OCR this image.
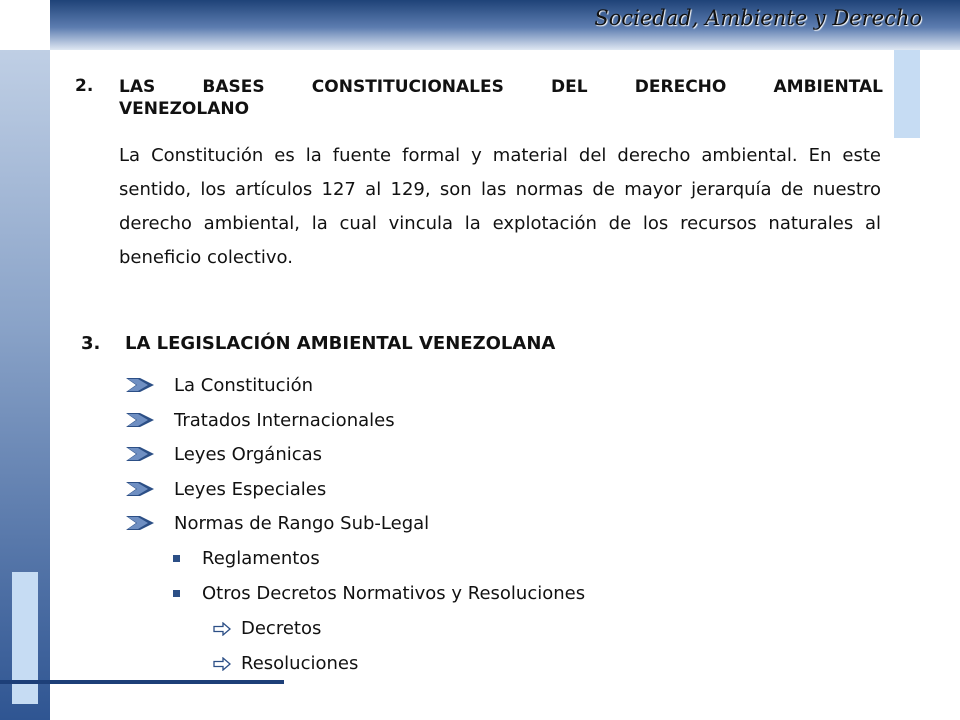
Sociedad, Ambiente y Derecho
2. LAS BASES CONSTITUCIONALES DEL DERECHO AMBIENTAL
VENEZOLANO
La Constitución es la fuente formal y material del derecho ambiental. En este sentido, los artículos 127 al 129, son las normas de mayor jerarquía de nuestro derecho ambiental, la cual vincula la explotación de los recursos naturales al beneficio colectivo.
3. LA LEGISLACIÓN AMBIENTAL VENEZOLANA
La Constitución
Tratados Internacionales
Leyes Orgánicas
Leyes Especiales
Normas de Rango Sub-Legal
Reglamentos
Otros Decretos Normativos y Resoluciones
Decretos
Resoluciones
